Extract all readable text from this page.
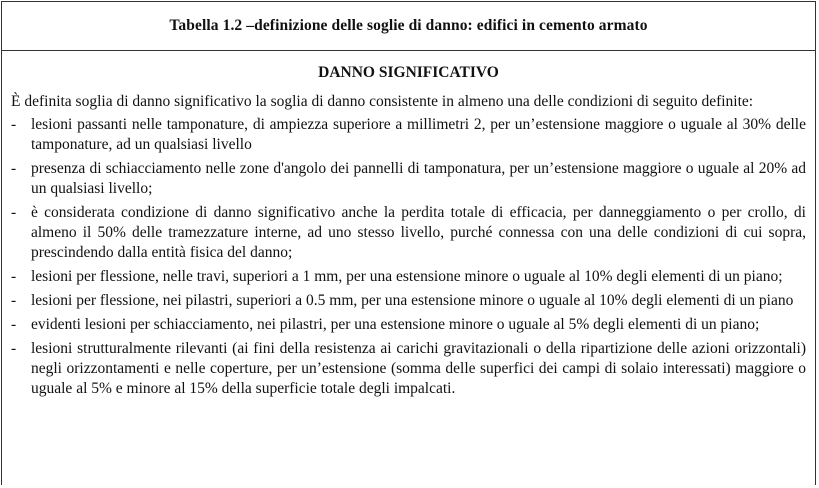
Tabella 1.2 –definizione delle soglie di danno: edifici in cemento armato
DANNO SIGNIFICATIVO

È definita soglia di danno significativo la soglia di danno consistente in almeno una delle condizioni di seguito definite:

- lesioni passanti nelle tamponature, di ampiezza superiore a millimetri 2, per un’estensione maggiore o uguale al 30% delle tamponature, ad un qualsiasi livello
- presenza di schiacciamento nelle zone d'angolo dei pannelli di tamponatura, per un’estensione maggiore o uguale al 20% ad un qualsiasi livello;
- è considerata condizione di danno significativo anche la perdita totale di efficacia, per danneggiamento o per crollo, di almeno il 50% delle tramezzature interne, ad uno stesso livello, purché connessa con una delle condizioni di cui sopra, prescindendo dalla entità fisica del danno;
- lesioni per flessione, nelle travi, superiori a 1 mm, per una estensione minore o uguale al 10% degli elementi di un piano;
- lesioni per flessione, nei pilastri, superiori a 0.5 mm, per una estensione minore o uguale al 10% degli elementi di un piano
- evidenti lesioni per schiacciamento, nei pilastri, per una estensione minore o uguale al 5% degli elementi di un piano;
- lesioni strutturalmente rilevanti (ai fini della resistenza ai carichi gravitazionali o della ripartizione delle azioni orizzontali) negli orizzontamenti e nelle coperture, per un’estensione (somma delle superfici dei campi di solaio interessati) maggiore o uguale al 5% e minore al 15% della superficie totale degli impalcati.
